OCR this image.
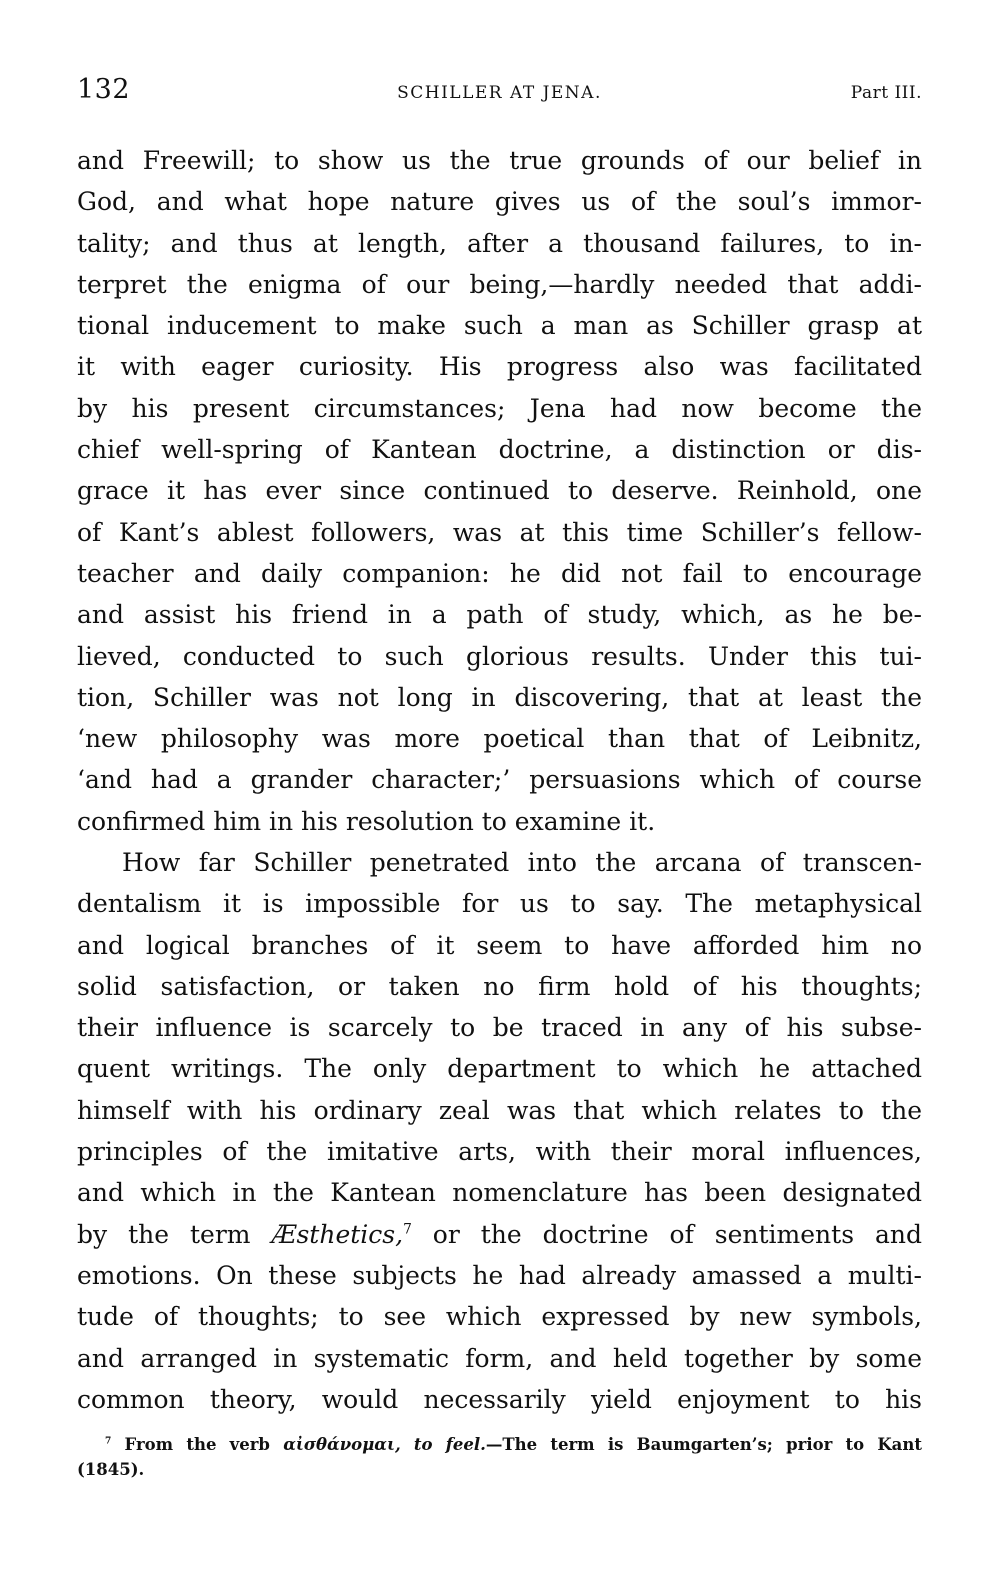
132	SCHILLER AT JENA.	Part III.
and Freewill; to show us the true grounds of our belief in
God, and what hope nature gives us of the soul’s immor-
tality; and thus at length, after a thousand failures, to in-
terpret the enigma of our being,—hardly needed that addi-
tional inducement to make such a man as Schiller grasp at
it with eager curiosity. His progress also was facilitated
by his present circumstances; Jena had now become the
chief well-spring of Kantean doctrine, a distinction or dis-
grace it has ever since continued to deserve. Reinhold, one
of Kant’s ablest followers, was at this time Schiller’s fellow-
teacher and daily companion: he did not fail to encourage
and assist his friend in a path of study, which, as he be-
lieved, conducted to such glorious results. Under this tui-
tion, Schiller was not long in discovering, that at least the
‘new philosophy was more poetical than that of Leibnitz,
‘and had a grander character;’ persuasions which of course
confirmed him in his resolution to examine it.
How far Schiller penetrated into the arcana of transcen-
dentalism it is impossible for us to say. The metaphysical
and logical branches of it seem to have afforded him no
solid satisfaction, or taken no firm hold of his thoughts;
their influence is scarcely to be traced in any of his subse-
quent writings. The only department to which he attached
himself with his ordinary zeal was that which relates to the
principles of the imitative arts, with their moral influences,
and which in the Kantean nomenclature has been designated
by the term Æsthetics,$^7$ or the doctrine of sentiments and
emotions. On these subjects he had already amassed a multi-
tude of thoughts; to see which expressed by new symbols,
and arranged in systematic form, and held together by some
common theory, would necessarily yield enjoyment to his
$^7$ From the verb αἰσθάνομαι, to feel.—The term is Baumgarten’s; prior to Kant
(1845).
